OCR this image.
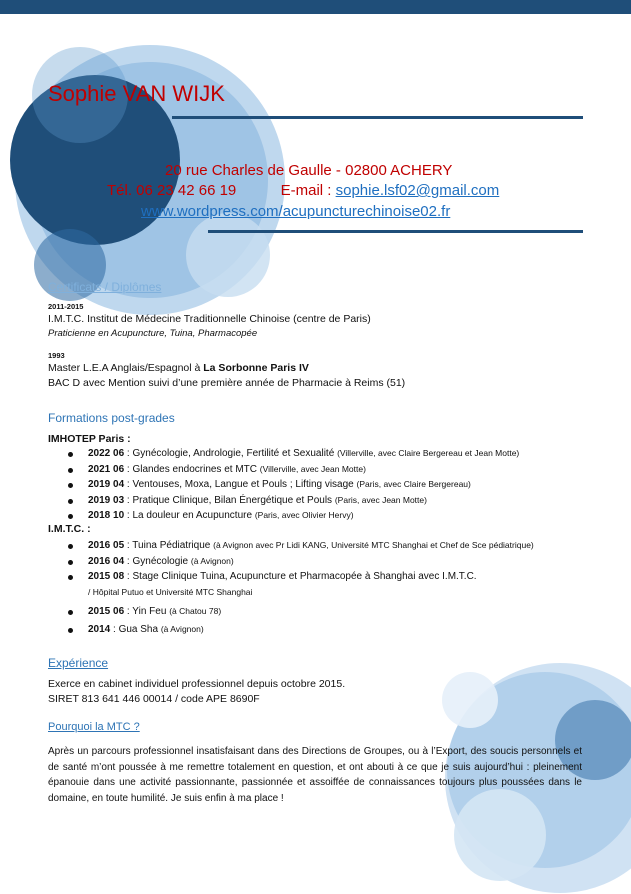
Sophie VAN WIJK
20 rue Charles de Gaulle - 02800 ACHERY
Tél. 06 23 42 66 19	E-mail : sophie.lsf02@gmail.com
www.wordpress.com/acupuncturechinoise02.fr
Certificats / Diplômes
2011-2015
I.M.T.C. Institut de Médecine Traditionnelle Chinoise (centre de Paris)
Praticienne en Acupuncture, Tuina, Pharmacopée
1993
Master L.E.A Anglais/Espagnol à La Sorbonne Paris IV
BAC D avec Mention suivi d’une première année de Pharmacie à Reims (51)
Formations post-grades
IMHOTEP Paris :
2022 06 : Gynécologie, Andrologie, Fertilité et Sexualité (Villerville, avec Claire Bergereau et Jean Motte)
2021 06 : Glandes endocrines et MTC (Villerville, avec Jean Motte)
2019 04 : Ventouses, Moxa, Langue et Pouls ; Lifting visage (Paris, avec Claire Bergereau)
2019 03 : Pratique Clinique, Bilan Énergétique et Pouls (Paris, avec Jean Motte)
2018 10 : La douleur en Acupuncture (Paris, avec Olivier Hervy)
I.M.T.C. :
2016 05 : Tuina Pédiatrique (à Avignon avec Pr Lidi KANG, Université MTC Shanghai et Chef de Sce pédiatrique)
2016 04 : Gynécologie (à Avignon)
2015 08 : Stage Clinique Tuina, Acupuncture et Pharmacopée à Shanghai avec I.M.T.C.
/ Hôpital Putuo et Université MTC Shanghai
2015 06 : Yin Feu (à Chatou 78)
2014 : Gua Sha (à Avignon)
Expérience
Exerce en cabinet individuel professionnel depuis octobre 2015.
SIRET 813 641 446 00014 / code APE 8690F
Pourquoi la MTC ?
Après un parcours professionnel insatisfaisant dans des Directions de Groupes, ou à l’Export, des soucis personnels et de santé m’ont poussée à me remettre totalement en question, et ont abouti à ce que je suis aujourd’hui : pleinement épanouie dans une activité passionnante, passionnée et assoiffée de connaissances toujours plus poussées dans le domaine, en toute humilité. Je suis enfin à ma place !
